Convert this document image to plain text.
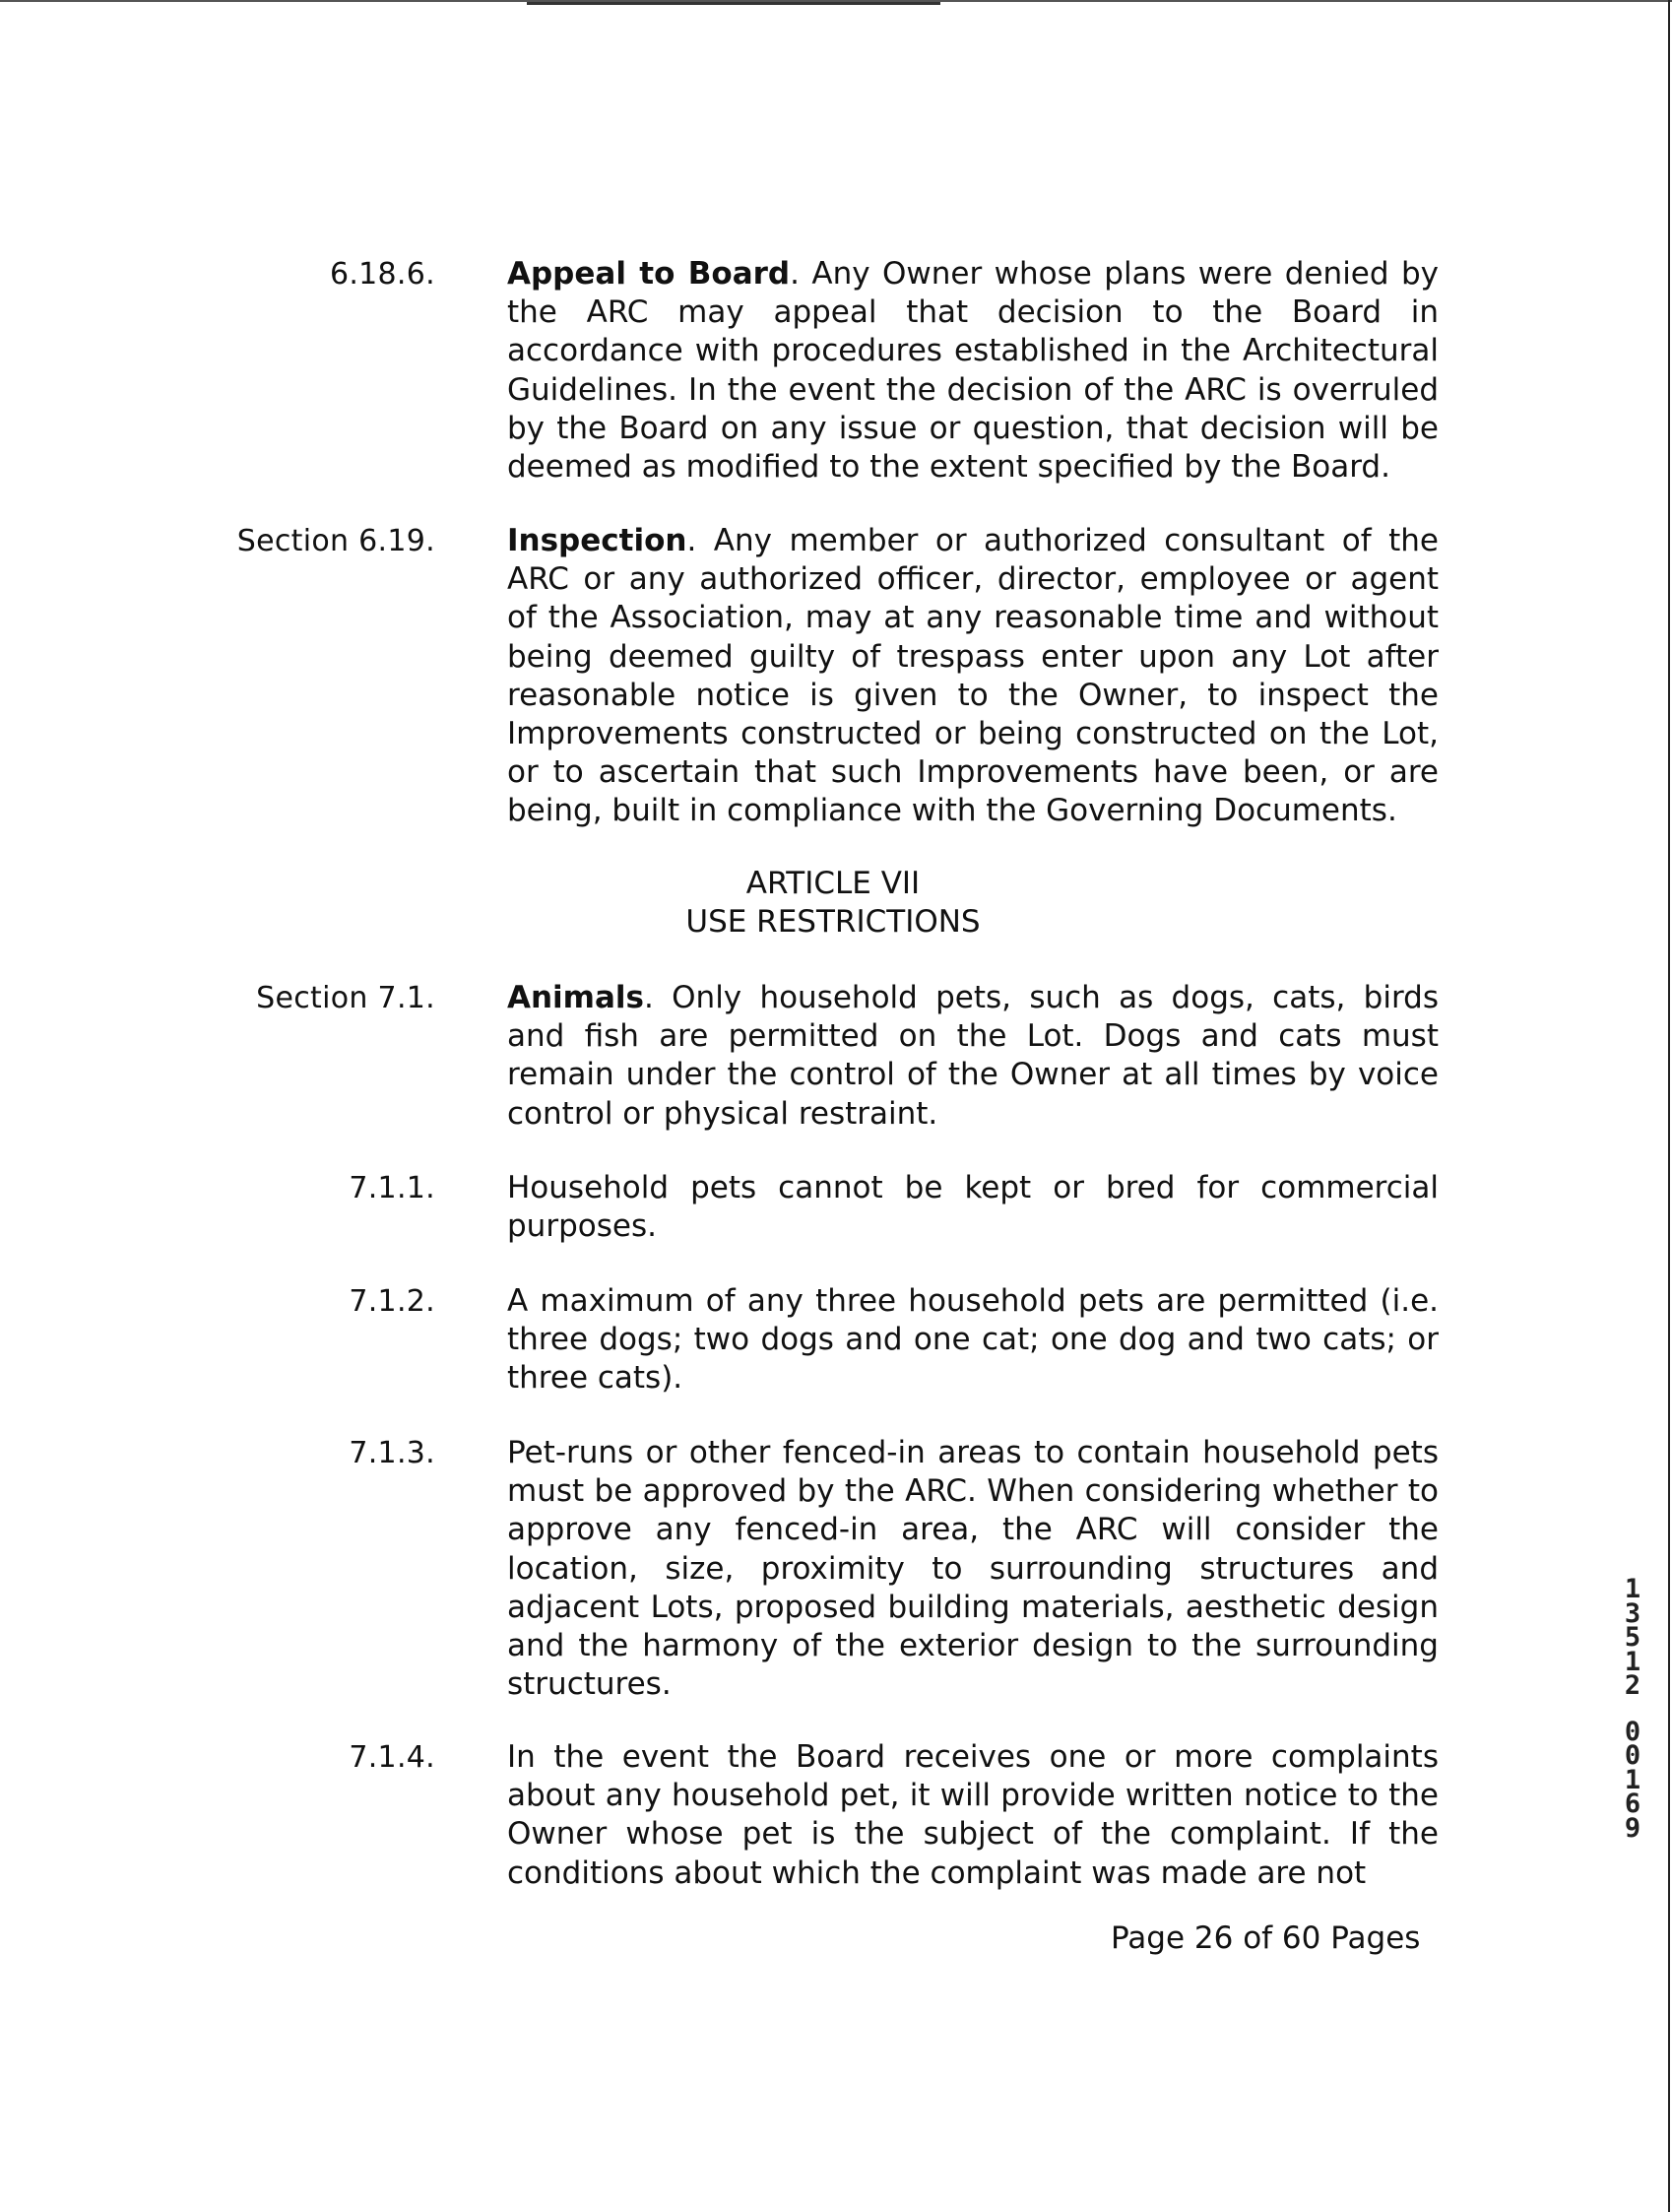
6.18.6. Appeal to Board. Any Owner whose plans were denied by the ARC may appeal that decision to the Board in accordance with procedures established in the Architectural Guidelines. In the event the decision of the ARC is overruled by the Board on any issue or question, that decision will be deemed as modified to the extent specified by the Board.
Section 6.19. Inspection. Any member or authorized consultant of the ARC or any authorized officer, director, employee or agent of the Association, may at any reasonable time and without being deemed guilty of trespass enter upon any Lot after reasonable notice is given to the Owner, to inspect the Improvements constructed or being constructed on the Lot, or to ascertain that such Improvements have been, or are being, built in compliance with the Governing Documents.
ARTICLE VII
USE RESTRICTIONS
Section 7.1. Animals. Only household pets, such as dogs, cats, birds and fish are permitted on the Lot. Dogs and cats must remain under the control of the Owner at all times by voice control or physical restraint.
7.1.1. Household pets cannot be kept or bred for commercial purposes.
7.1.2. A maximum of any three household pets are permitted (i.e. three dogs; two dogs and one cat; one dog and two cats; or three cats).
7.1.3. Pet-runs or other fenced-in areas to contain household pets must be approved by the ARC. When considering whether to approve any fenced-in area, the ARC will consider the location, size, proximity to surrounding structures and adjacent Lots, proposed building materials, aesthetic design and the harmony of the exterior design to the surrounding structures.
7.1.4. In the event the Board receives one or more complaints about any household pet, it will provide written notice to the Owner whose pet is the subject of the complaint. If the conditions about which the complaint was made are not
Page 26 of 60 Pages
1
3
5
1
2
0
0
1
6
9
